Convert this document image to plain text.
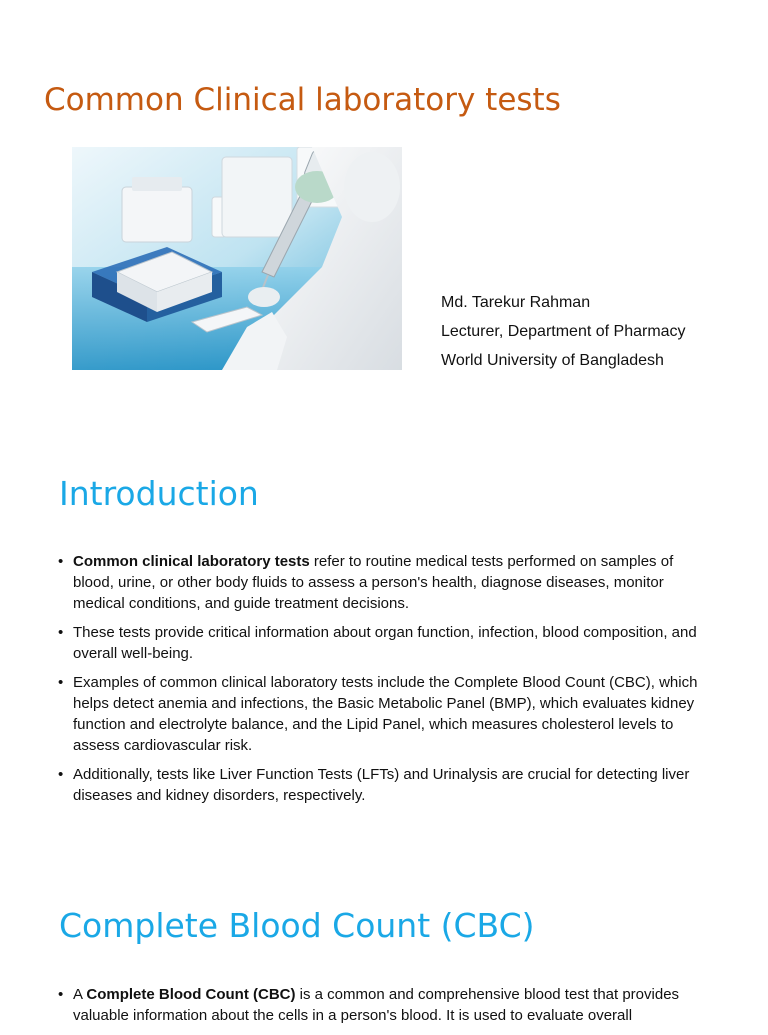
Common Clinical laboratory tests
Md. Tarekur Rahman
Lecturer, Department of Pharmacy
World University of Bangladesh
Introduction
• Common clinical laboratory tests refer to routine medical tests performed on samples of blood, urine, or other body fluids to assess a person's health, diagnose diseases, monitor medical conditions, and guide treatment decisions.
• These tests provide critical information about organ function, infection, blood composition, and overall well-being.
• Examples of common clinical laboratory tests include the Complete Blood Count (CBC), which helps detect anemia and infections, the Basic Metabolic Panel (BMP), which evaluates kidney function and electrolyte balance, and the Lipid Panel, which measures cholesterol levels to assess cardiovascular risk.
• Additionally, tests like Liver Function Tests (LFTs) and Urinalysis are crucial for detecting liver diseases and kidney disorders, respectively.
Complete Blood Count (CBC)
• A Complete Blood Count (CBC) is a common and comprehensive blood test that provides valuable information about the cells in a person's blood. It is used to evaluate overall
